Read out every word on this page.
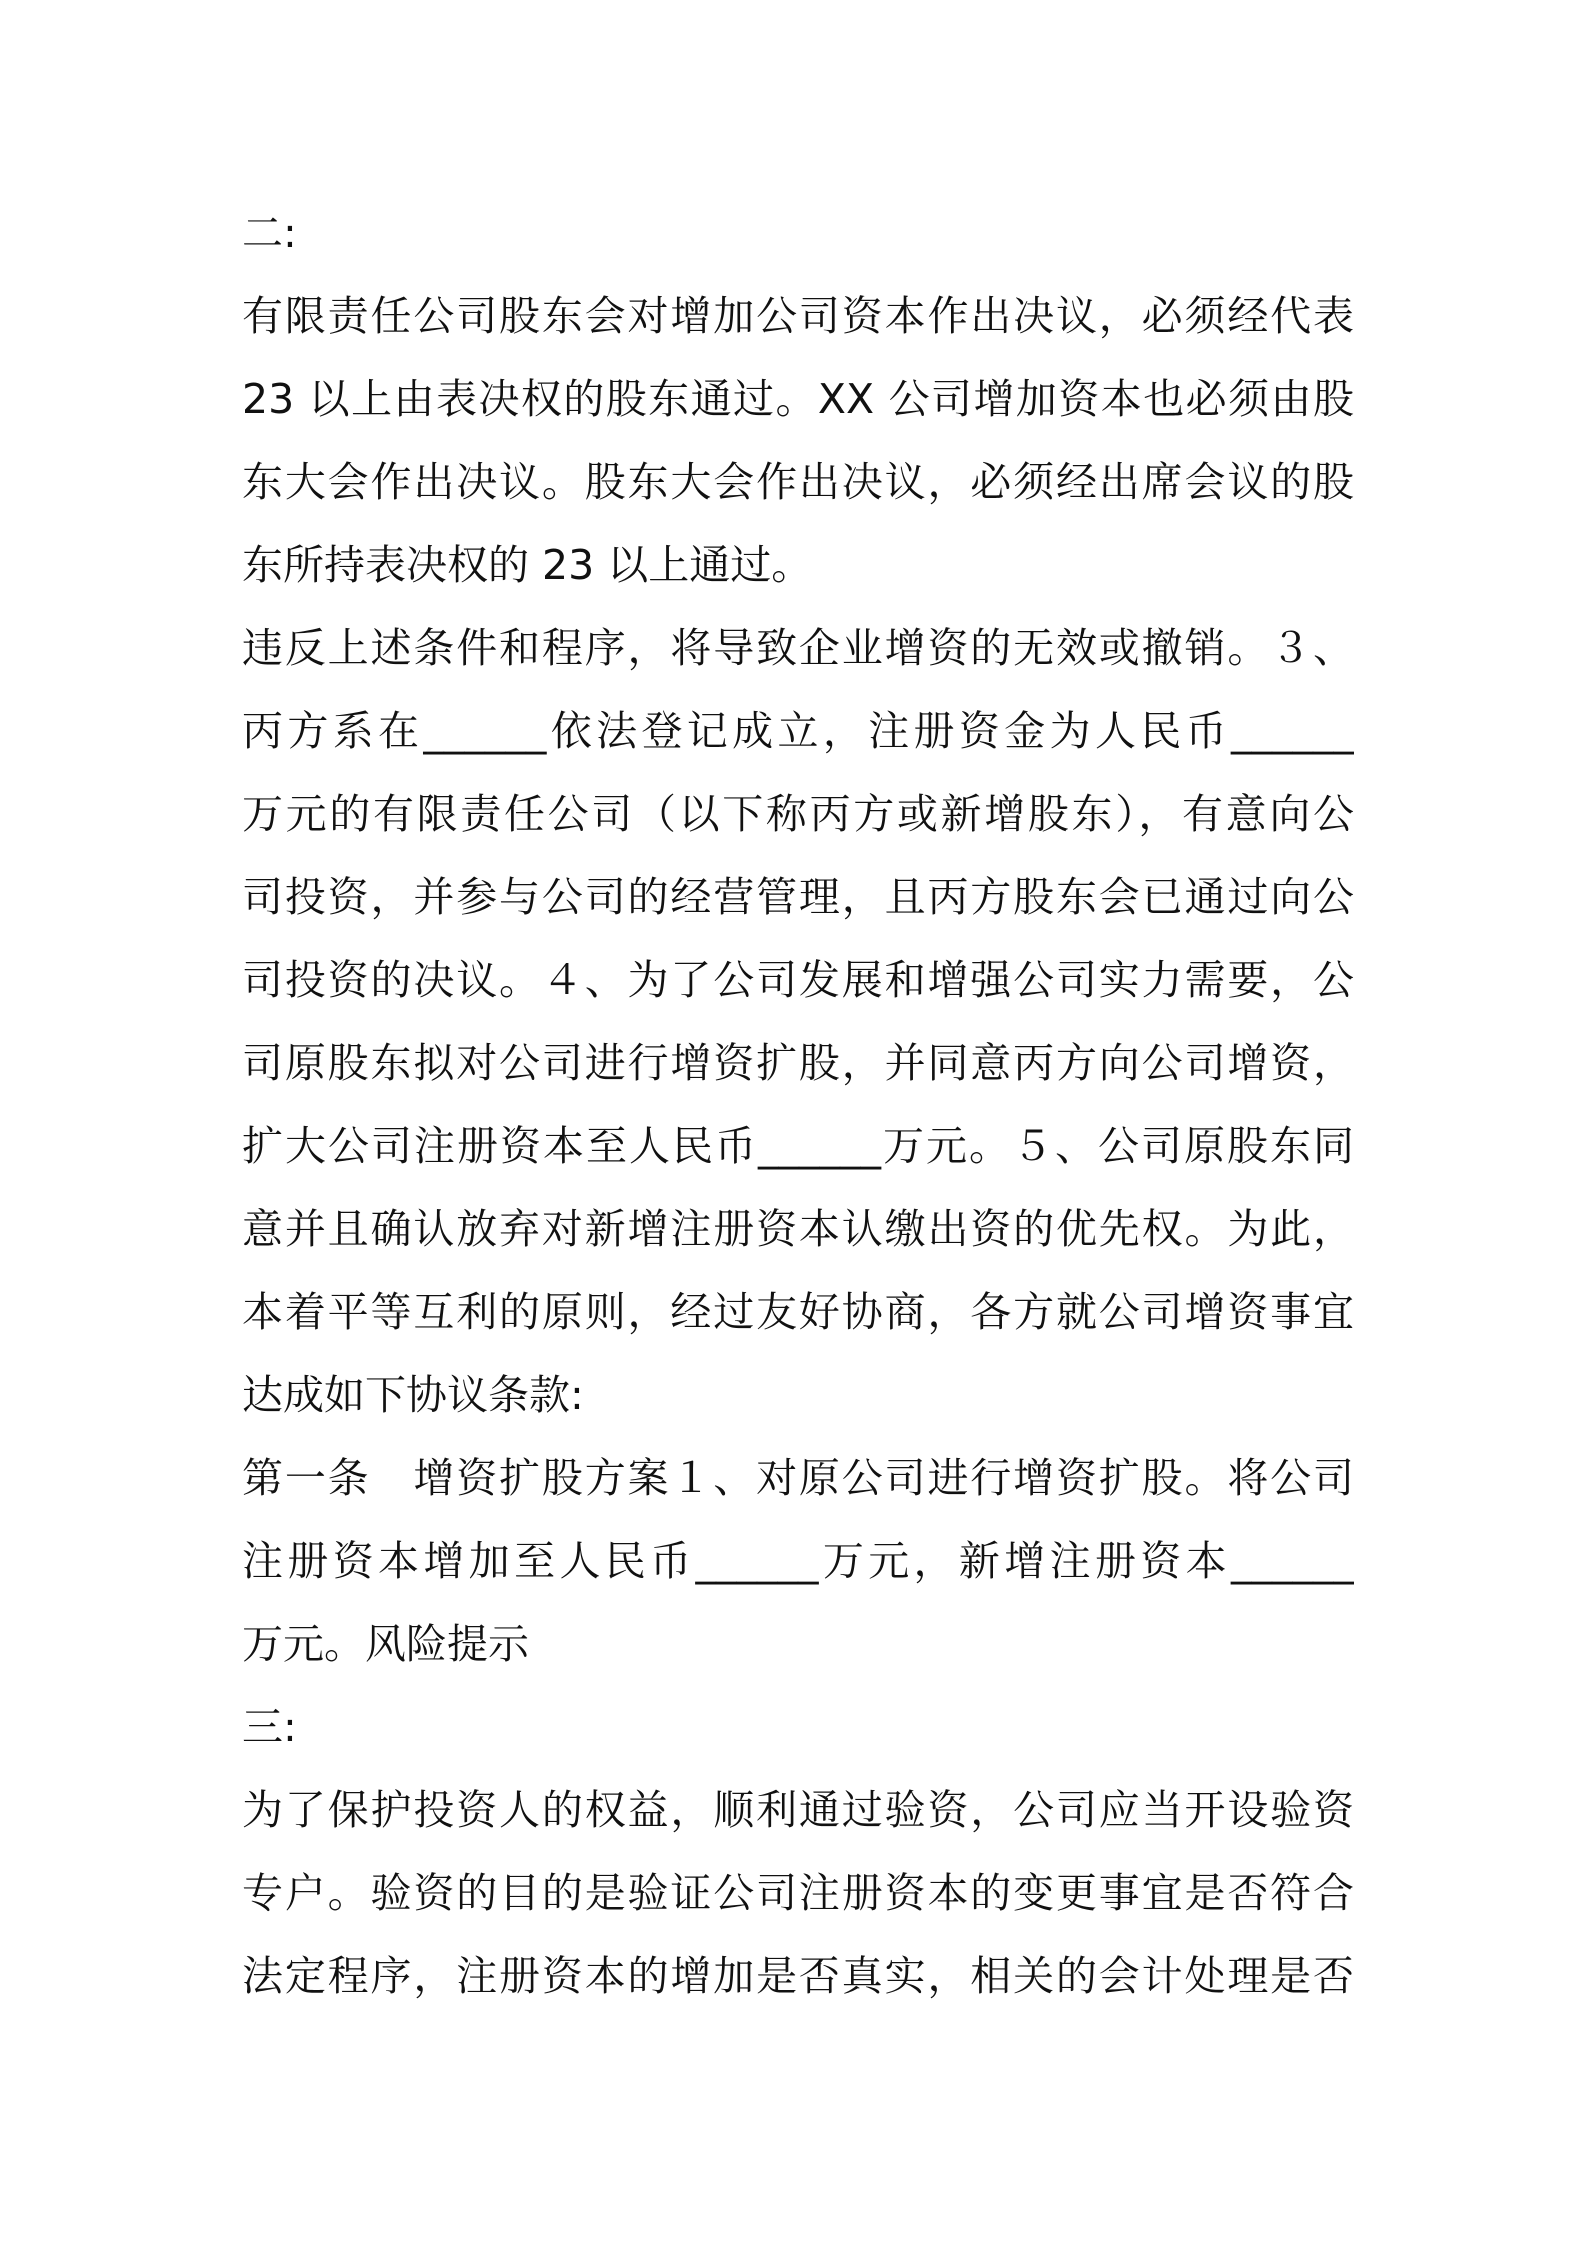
二:
有限责任公司股东会对增加公司资本作出决议，必须经代表
23 以上由表决权的股东通过。XX 公司增加资本也必须由股
东大会作出决议。股东大会作出决议，必须经出席会议的股
东所持表决权的 23 以上通过。
违反上述条件和程序，将导致企业增资的无效或撤销。３、
丙方系在______依法登记成立，注册资金为人民币______
万元的有限责任公司（以下称丙方或新增股东），有意向公
司投资，并参与公司的经营管理，且丙方股东会已通过向公
司投资的决议。４、为了公司发展和增强公司实力需要，公
司原股东拟对公司进行增资扩股，并同意丙方向公司增资，
扩大公司注册资本至人民币______万元。５、公司原股东同
意并且确认放弃对新增注册资本认缴出资的优先权。为此，
本着平等互利的原则，经过友好协商，各方就公司增资事宜
达成如下协议条款:
第一条　增资扩股方案１、对原公司进行增资扩股。将公司
注册资本增加至人民币______万元，新增注册资本______
万元。风险提示
三:
为了保护投资人的权益，顺利通过验资，公司应当开设验资
专户。验资的目的是验证公司注册资本的变更事宜是否符合
法定程序，注册资本的增加是否真实，相关的会计处理是否
